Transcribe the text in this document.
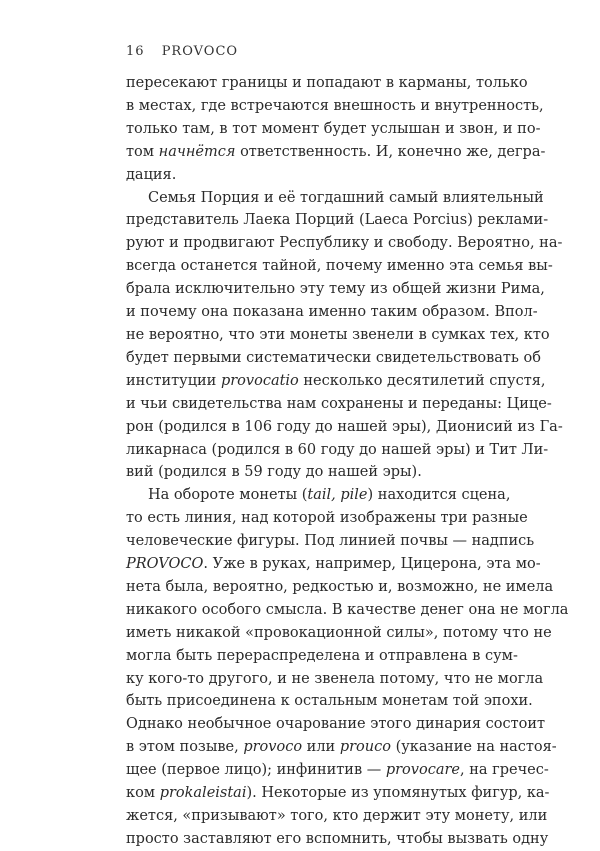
16 PROVOCO
пересекают границы и попадают в карманы, только
в местах, где встречаются внешность и внутренность,
только там, в тот момент будет услышан и звон, и по-
том начнётся ответственность. И, конечно же, дегра-
дация.
Семья Порция и её тогдашний самый влиятельный
представитель Лаека Порций (Laeca Porcius) реклами-
руют и продвигают Республику и свободу. Вероятно, на-
всегда останется тайной, почему именно эта семья вы-
брала исключительно эту тему из общей жизни Рима,
и почему она показана именно таким образом. Впол-
не вероятно, что эти монеты звенели в сумках тех, кто
будет первыми систематически свидетельствовать об
институции provocatio несколько десятилетий спустя,
и чьи свидетельства нам сохранены и переданы: Цице-
рон (родился в 106 году до нашей эры), Дионисий из Га-
ликарнаса (родился в 60 году до нашей эры) и Тит Ли-
вий (родился в 59 году до нашей эры).
На обороте монеты (tail, pile) находится сцена,
то есть линия, над которой изображены три разные
человеческие фигуры. Под линией почвы — надпись
PROVOCO. Уже в руках, например, Цицерона, эта мо-
нета была, вероятно, редкостью и, возможно, не имела
никакого особого смысла. В качестве денег она не могла
иметь никакой «провокационной силы», потому что не
могла быть перераспределена и отправлена в сум-
ку кого-то другого, и не звенела потому, что не могла
быть присоединена к остальным монетам той эпохи.
Однако необычное очарование этого динария состоит
в этом позыве, provoco или prouco (указание на настоя-
щее (первое лицо); инфинитив — provocare, на гречес-
ком prokaleistai). Некоторые из упомянутых фигур, ка-
жется, «призывают» того, кто держит эту монету, или
просто заставляют его вспомнить, чтобы вызвать одну
